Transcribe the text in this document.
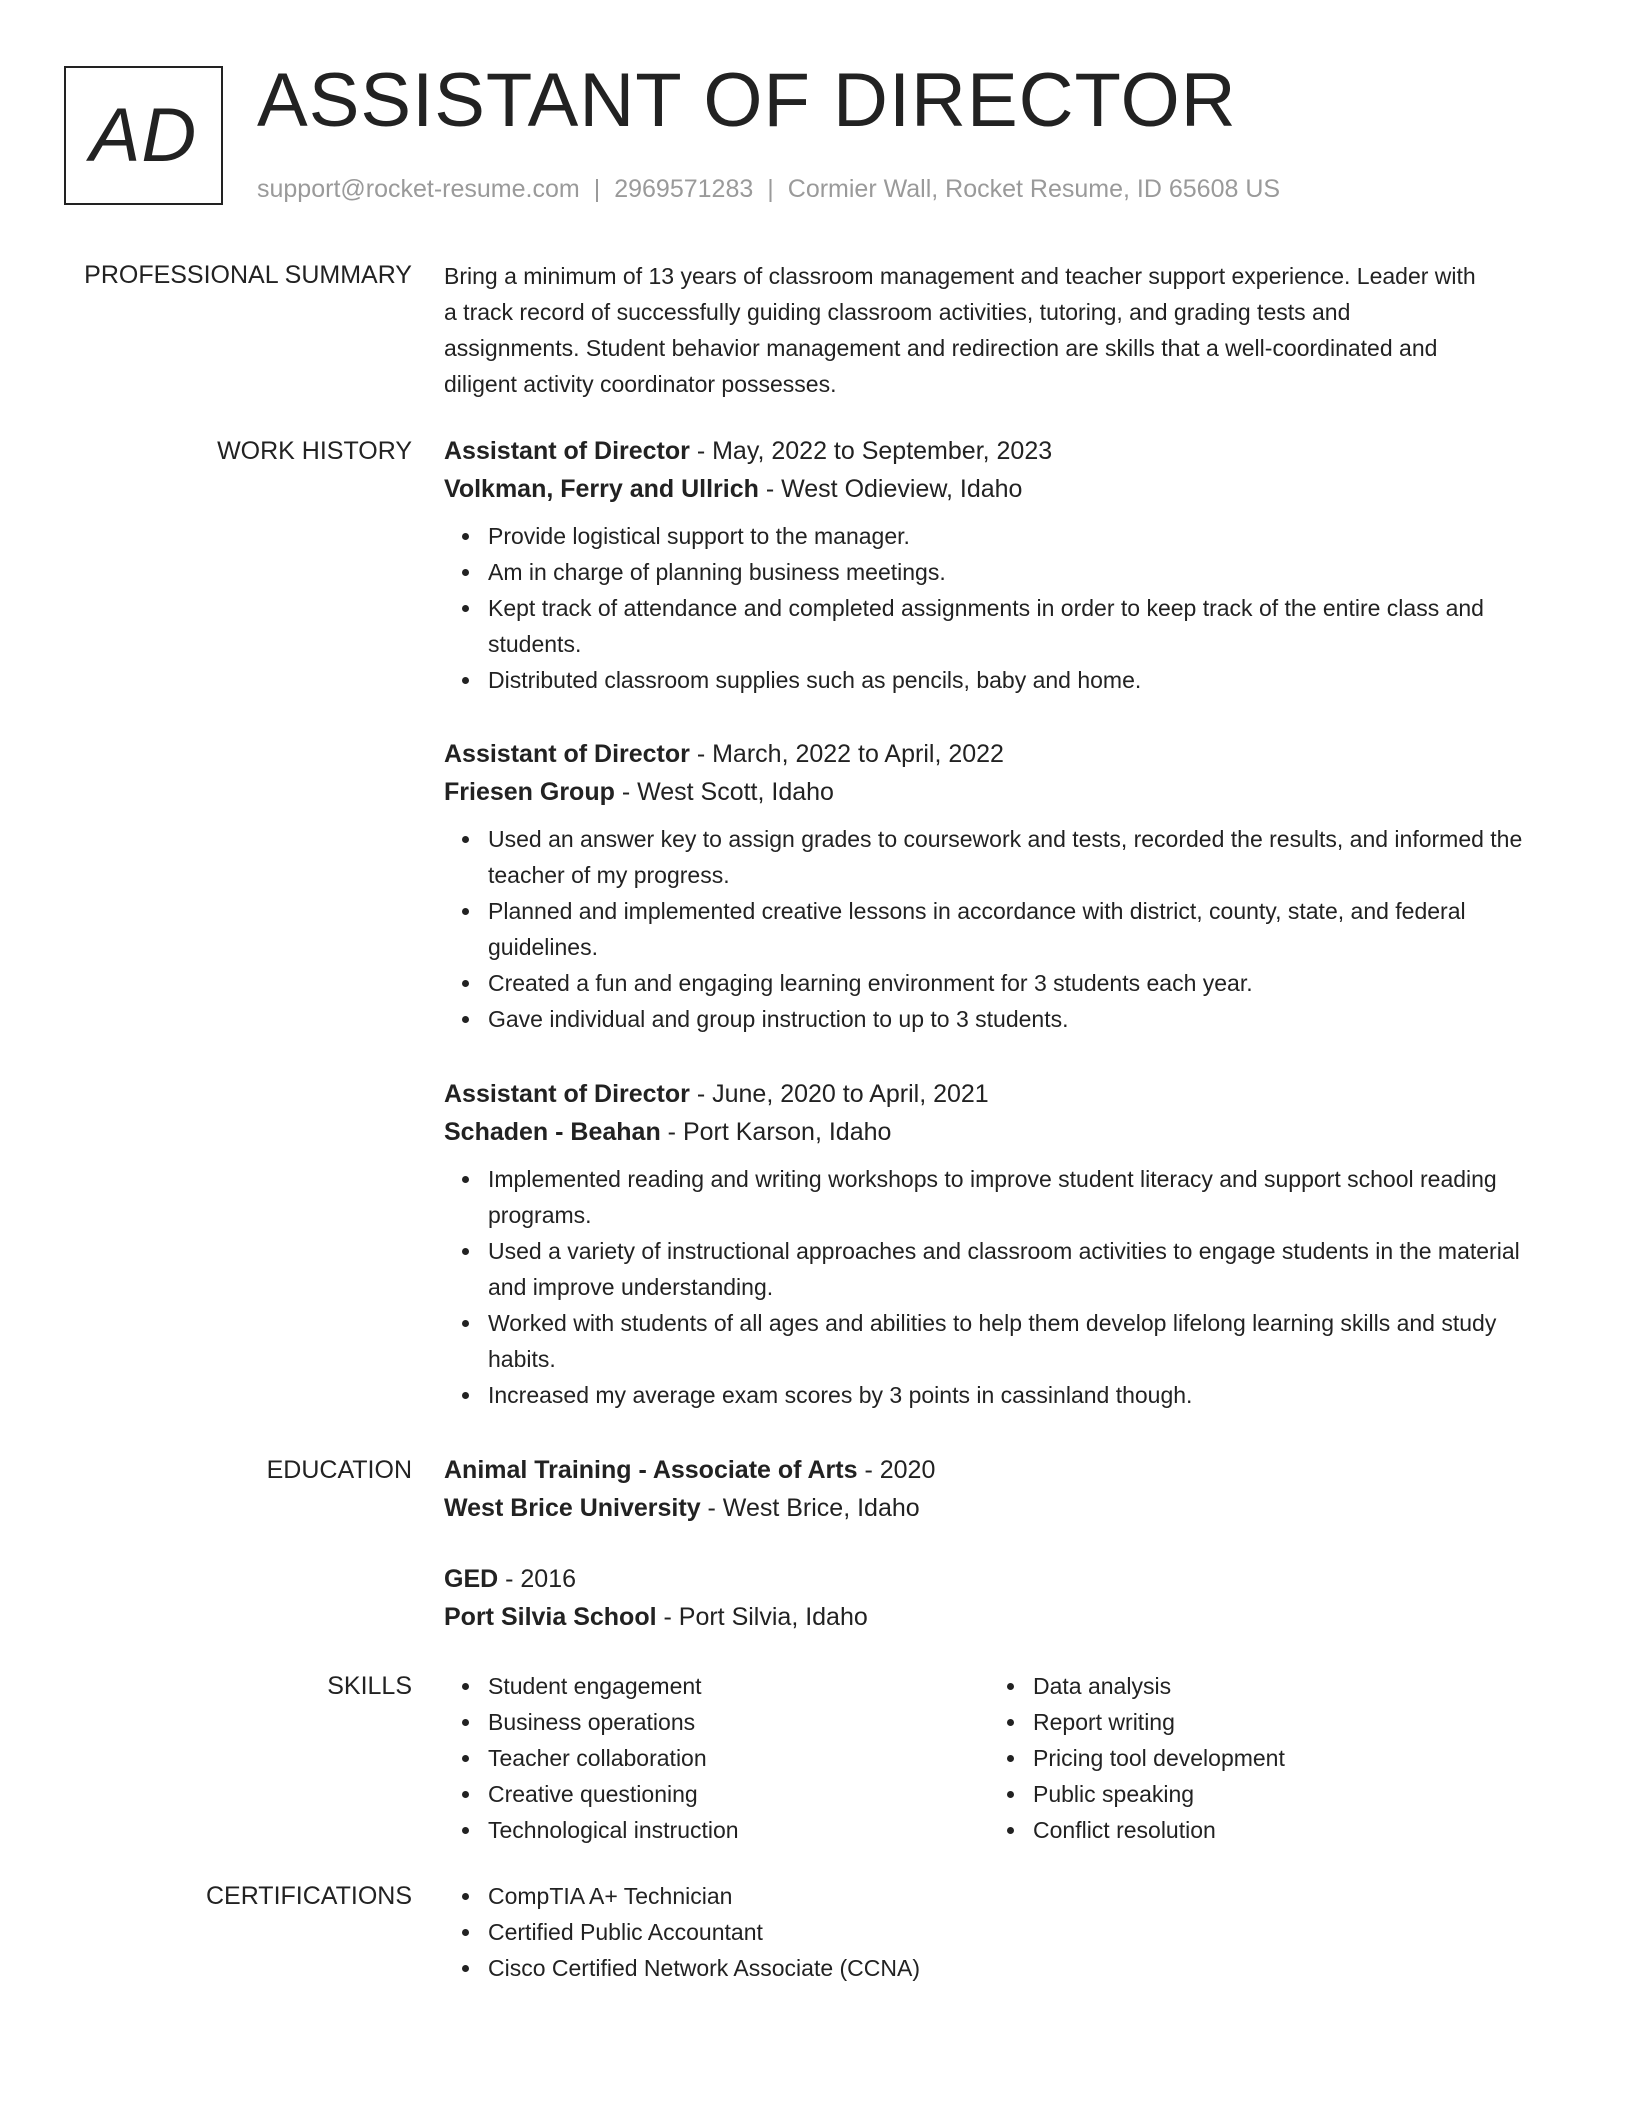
AD ASSISTANT OF DIRECTOR
support@rocket-resume.com | 2969571283 | Cormier Wall, Rocket Resume, ID 65608 US
PROFESSIONAL SUMMARY Bring a minimum of 13 years of classroom management and teacher support experience. Leader with
a track record of successfully guiding classroom activities, tutoring, and grading tests and
assignments. Student behavior management and redirection are skills that a well-coordinated and
diligent activity coordinator possesses.
WORK HISTORY Assistant of Director - May, 2022 to September, 2023
Volkman, Ferry and Ullrich - West Odieview, Idaho
Provide logistical support to the manager.
Am in charge of planning business meetings.
Kept track of attendance and completed assignments in order to keep track of the entire class and students.
Distributed classroom supplies such as pencils, baby and home.
Assistant of Director - March, 2022 to April, 2022
Friesen Group - West Scott, Idaho
Used an answer key to assign grades to coursework and tests, recorded the results, and informed the teacher of my progress.
Planned and implemented creative lessons in accordance with district, county, state, and federal guidelines.
Created a fun and engaging learning environment for 3 students each year.
Gave individual and group instruction to up to 3 students.
Assistant of Director - June, 2020 to April, 2021
Schaden - Beahan - Port Karson, Idaho
Implemented reading and writing workshops to improve student literacy and support school reading programs.
Used a variety of instructional approaches and classroom activities to engage students in the material and improve understanding.
Worked with students of all ages and abilities to help them develop lifelong learning skills and study habits.
Increased my average exam scores by 3 points in cassinland though.
EDUCATION Animal Training - Associate of Arts - 2020
West Brice University - West Brice, Idaho
GED - 2016
Port Silvia School - Port Silvia, Idaho
SKILLS	Student engagement
Business operations
Teacher collaboration
Creative questioning
Technological instruction
Data analysis
Report writing
Pricing tool development
Public speaking
Conflict resolution
CERTIFICATIONS	CompTIA A+ Technician
Certified Public Accountant
Cisco Certified Network Associate (CCNA)
